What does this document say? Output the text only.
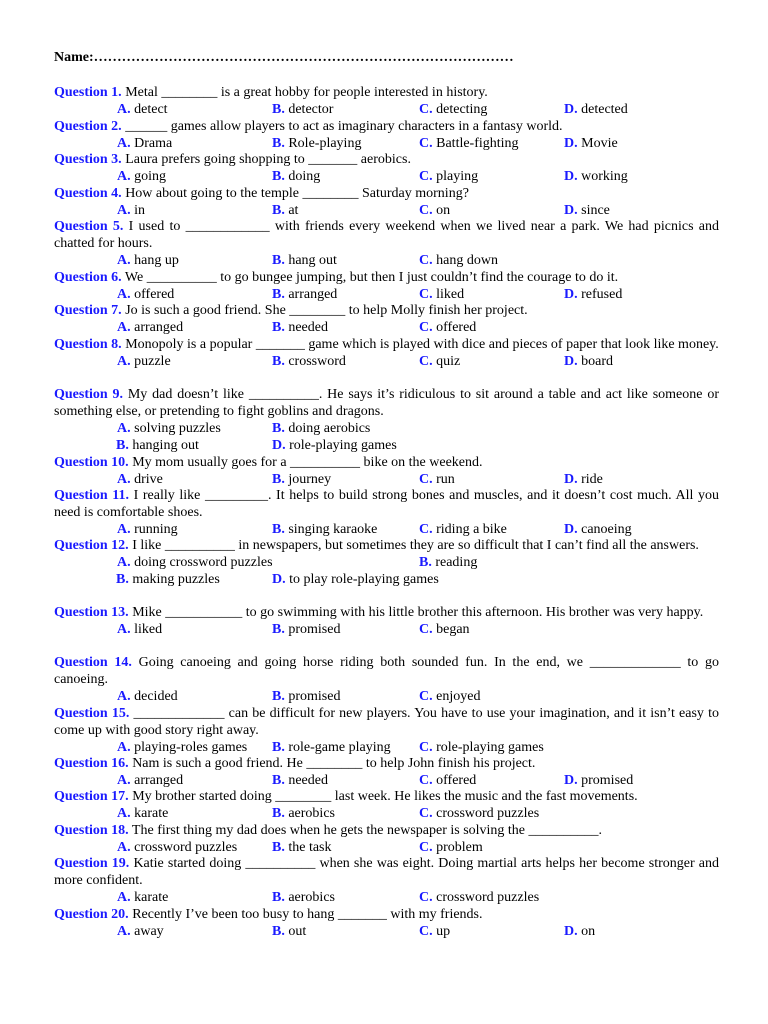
Name:………………………………………………………………………………
Question 1. Metal ________ is a great hobby for people interested in history.
A. detect	B. detector	C. detecting	D. detected
Question 2. ______ games allow players to act as imaginary characters in a fantasy world.
A. Drama	B. Role-playing	C. Battle-fighting	D. Movie
Question 3. Laura prefers going shopping to _______ aerobics.
A. going	B. doing	C. playing	D. working
Question 4. How about going to the temple ________ Saturday morning?
A. in	B. at	C. on	D. since
Question 5. I used to ____________ with friends every weekend when we lived near a park. We had picnics and chatted for hours.
A. hang up	B. hang out	C. hang down
Question 6. We __________ to go bungee jumping, but then I just couldn’t find the courage to do it.
A. offered	B. arranged	C. liked	D. refused
Question 7. Jo is such a good friend. She ________ to help Molly finish her project.
A. arranged	B. needed	C. offered
Question 8. Monopoly is a popular _______ game which is played with dice and pieces of paper that look like money.
A. puzzle	B. crossword	C. quiz	D. board
Question 9. My dad doesn’t like __________. He says it’s ridiculous to sit around a table and act like someone or something else, or pretending to fight goblins and dragons.
A. solving puzzles	B. doing aerobics
B. hanging out	D. role-playing games
Question 10. My mom usually goes for a __________ bike on the weekend.
A. drive	B. journey	C. run	D. ride
Question 11. I really like _________. It helps to build strong bones and muscles, and it doesn’t cost much. All you need is comfortable shoes.
A. running	B. singing karaoke	C. riding a bike	D. canoeing
Question 12. I like __________ in newspapers, but sometimes they are so difficult that I can’t find all the answers.
A. doing crossword puzzles	B. reading
B. making puzzles	D. to play role-playing games
Question 13. Mike ___________ to go swimming with his little brother this afternoon. His brother was very happy.
A. liked	B. promised	C. began
Question 14. Going canoeing and going horse riding both sounded fun. In the end, we _____________ to go canoeing.
A. decided	B. promised	C. enjoyed
Question 15. _____________ can be difficult for new players. You have to use your imagination, and it isn’t easy to come up with good story right away.
A. playing-roles games B. role-game playing C. role-playing games
Question 16. Nam is such a good friend. He ________ to help John finish his project.
A. arranged	B. needed	C. offered	D. promised
Question 17. My brother started doing ________ last week. He likes the music and the fast movements.
A. karate	B. aerobics	C. crossword puzzles
Question 18. The first thing my dad does when he gets the newspaper is solving the __________.
A. crossword puzzles B. the task	C. problem
Question 19. Katie started doing __________ when she was eight. Doing martial arts helps her become stronger and more confident.
A. karate	B. aerobics	C. crossword puzzles
Question 20. Recently I’ve been too busy to hang _______ with my friends.
A. away	B. out	C. up	D. on
